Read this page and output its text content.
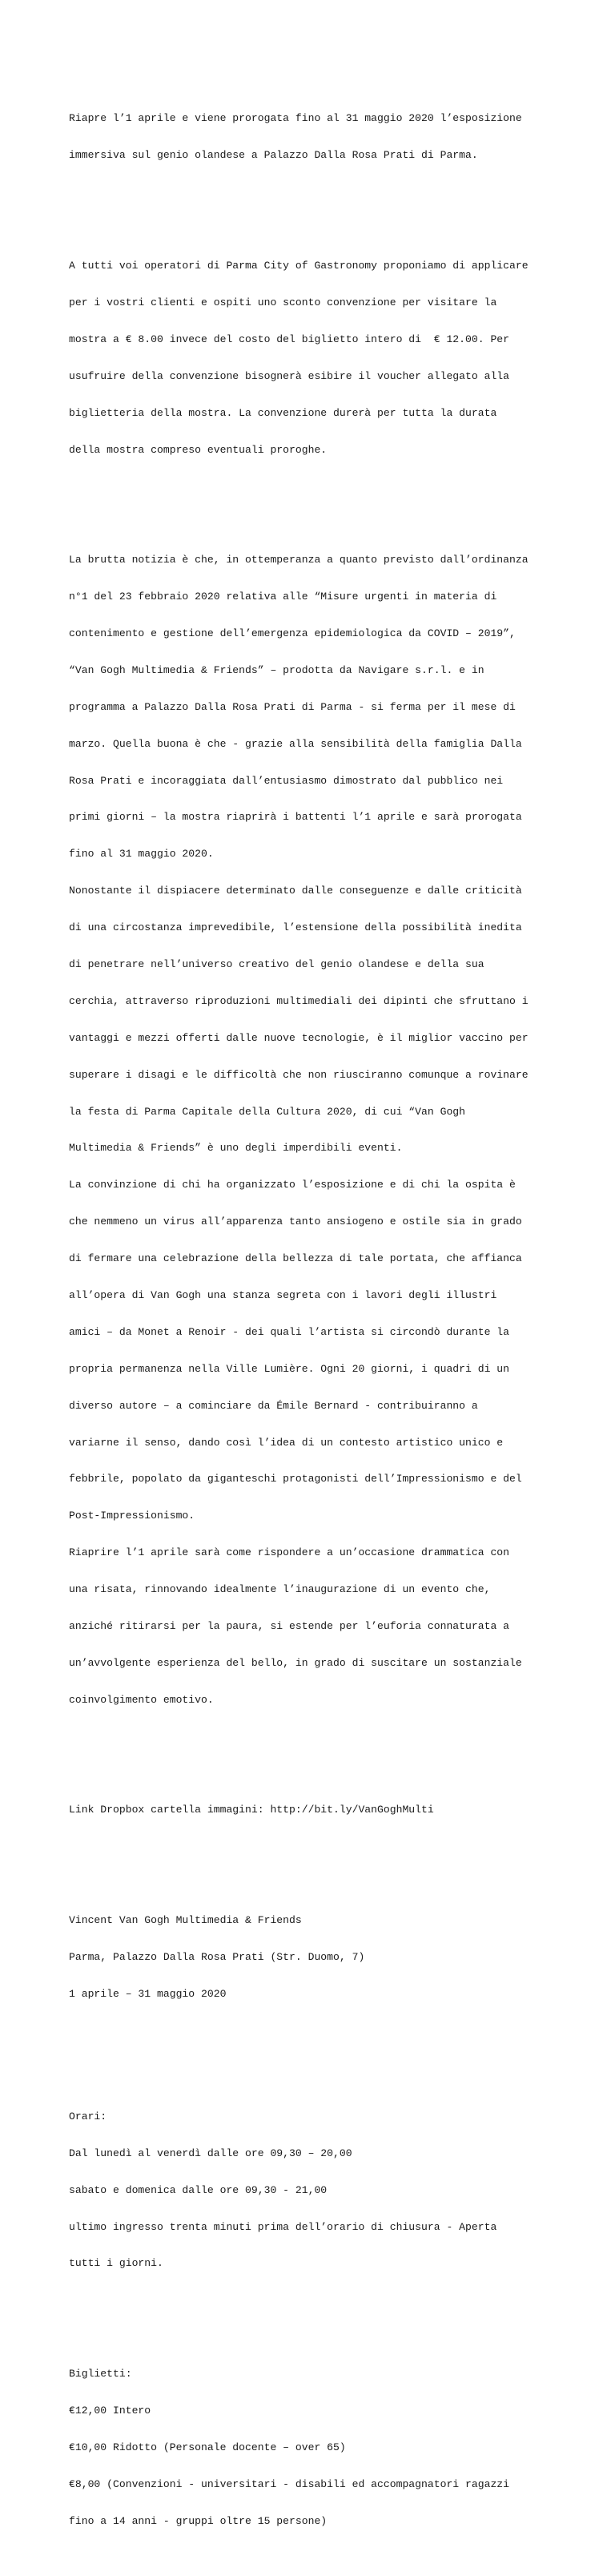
Riapre l’1 aprile e viene prorogata fino al 31 maggio 2020 l’esposizione

immersiva sul genio olandese a Palazzo Dalla Rosa Prati di Parma.

A tutti voi operatori di Parma City of Gastronomy proponiamo di applicare

per i vostri clienti e ospiti uno sconto convenzione per visitare la

mostra a € 8.00 invece del costo del biglietto intero di  € 12.00. Per

usufruire della convenzione bisognerà esibire il voucher allegato alla

biglietteria della mostra. La convenzione durerà per tutta la durata

della mostra compreso eventuali proroghe.

La brutta notizia è che, in ottemperanza a quanto previsto dall’ordinanza

n°1 del 23 febbraio 2020 relativa alle “Misure urgenti in materia di

contenimento e gestione dell’emergenza epidemiologica da COVID – 2019”,

“Van Gogh Multimedia & Friends” – prodotta da Navigare s.r.l. e in

programma a Palazzo Dalla Rosa Prati di Parma - si ferma per il mese di

marzo. Quella buona è che - grazie alla sensibilità della famiglia Dalla

Rosa Prati e incoraggiata dall’entusiasmo dimostrato dal pubblico nei

primi giorni – la mostra riaprirà i battenti l’1 aprile e sarà prorogata

fino al 31 maggio 2020.

Nonostante il dispiacere determinato dalle conseguenze e dalle criticità

di una circostanza imprevedibile, l’estensione della possibilità inedita

di penetrare nell’universo creativo del genio olandese e della sua

cerchia, attraverso riproduzioni multimediali dei dipinti che sfruttano i

vantaggi e mezzi offerti dalle nuove tecnologie, è il miglior vaccino per

superare i disagi e le difficoltà che non riusciranno comunque a rovinare

la festa di Parma Capitale della Cultura 2020, di cui “Van Gogh

Multimedia & Friends” è uno degli imperdibili eventi.

La convinzione di chi ha organizzato l’esposizione e di chi la ospita è

che nemmeno un virus all’apparenza tanto ansiogeno e ostile sia in grado

di fermare una celebrazione della bellezza di tale portata, che affianca

all’opera di Van Gogh una stanza segreta con i lavori degli illustri

amici – da Monet a Renoir - dei quali l’artista si circondò durante la

propria permanenza nella Ville Lumière. Ogni 20 giorni, i quadri di un

diverso autore – a cominciare da Émile Bernard - contribuiranno a

variarne il senso, dando così l’idea di un contesto artistico unico e

febbrile, popolato da giganteschi protagonisti dell’Impressionismo e del

Post-Impressionismo.

Riaprire l’1 aprile sarà come rispondere a un’occasione drammatica con

una risata, rinnovando idealmente l’inaugurazione di un evento che,

anziché ritirarsi per la paura, si estende per l’euforia connaturata a

un’avvolgente esperienza del bello, in grado di suscitare un sostanziale

coinvolgimento emotivo.

Link Dropbox cartella immagini: http://bit.ly/VanGoghMulti

Vincent Van Gogh Multimedia & Friends

Parma, Palazzo Dalla Rosa Prati (Str. Duomo, 7)

1 aprile – 31 maggio 2020

Orari:

Dal lunedì al venerdì dalle ore 09,30 – 20,00

sabato e domenica dalle ore 09,30 - 21,00

ultimo ingresso trenta minuti prima dell’orario di chiusura - Aperta

tutti i giorni.

Biglietti:

€12,00 Intero

€10,00 Ridotto (Personale docente – over 65)

€8,00 (Convenzioni - universitari - disabili ed accompagnatori ragazzi

fino a 14 anni - gruppi oltre 15 persone)
